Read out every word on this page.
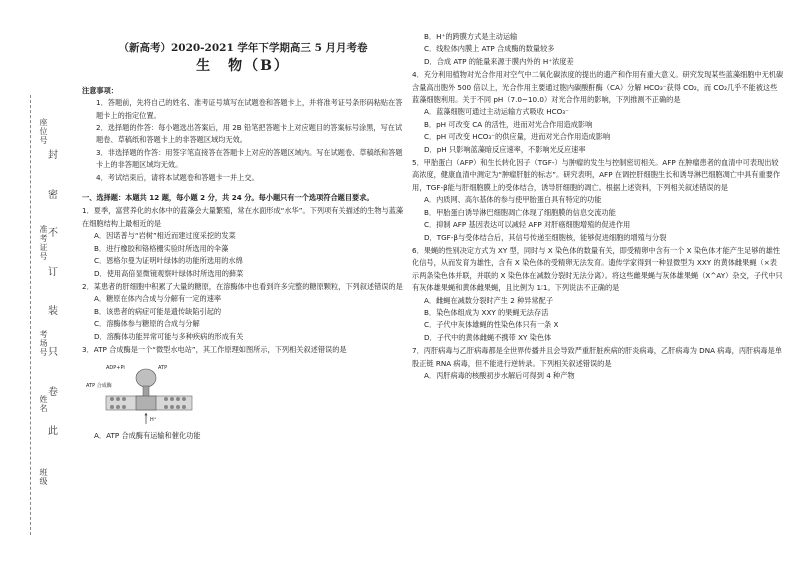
座位号
准考证号
考场号
姓名
班级
封
密
不
订
装
只
卷
此
（新高考）2020-2021 学年下学期高三 5 月月考卷
生　物（B）
注意事项：

1．答题前，先将自己的姓名、准考证号填写在试题卷和答题卡上，并将准考证号条形码粘贴在答题卡上的指定位置。

2．选择题的作答：每小题选出答案后，用 2B 铅笔把答题卡上对应题目的答案标号涂黑，写在试题卷、草稿纸和答题卡上的非答题区域均无效。

3．非选择题的作答：用签字笔直接答在答题卡上对应的答题区域内。写在试题卷、草稿纸和答题卡上的非答题区域均无效。

4．考试结束后，请将本试题卷和答题卡一并上交。

一、选择题：本题共 12 题，每小题 2 分，共 24 分。每小题只有一个选项符合题目要求。

1．夏季，富营养化的水体中的蓝藻会大量繁殖，常在水面形成“水华”。下列项有关描述的生物与蓝藻在细胞结构上最相近的是

A．因诺普与“岩树”相近而建过度采挖的发菜

B．进行橡胶和铬格栅实验时所选用的伞藻

C．恩格尔曼为证明叶绿体的功能所选用的水绵

D．使用高倍显微镜观察叶绿体时所选用的藓菜

2．某患者的肝细胞中积累了大量的糖原，在溶酶体中也看到许多完整的糖原颗粒，下列叙述错误的是

A．糖原在体内合成与分解有一定的速率

B．该患者的病症可能是遗传缺陷引起的

C．溶酶体参与糖原的合成与分解

D．溶酶体功能异常可能与多种疾病的形成有关

3．ATP 合成酶是一个“微型水电站”，其工作原理如图所示，下列相关叙述错误的是

ADP+Pi	ATP
H⁺
ATP 合成酶

A．ATP 合成酶有运输和催化功能

B．H⁺的跨膜方式是主动运输

C．线粒体内膜上 ATP 合成酶的数量较多

D．合成 ATP 的能量来源于膜内外的 H⁺浓度差

4．充分利用植物对光合作用对空气中二氧化碳浓度的提出的遗产和作用有重大意义。研究发现某些蓝藻细胞中无机碳含量高出胞外 500 倍以上，光合作用主要通过胞内碳酸酐酶（CA）分解 HCO₃⁻获得 CO₂，而 CO₂几乎不能被这些蓝藻细胞利用。关于不同 pH（7.0~10.0）对光合作用的影响，下列推测不正确的是

A．蓝藻细胞可通过主动运输方式吸收 HCO₃⁻

B．pH 可改变 CA 的活性，进而对光合作用造成影响

C．pH 可改变 HCO₃⁻的供应量，进而对光合作用造成影响

D．pH 只影响蓝藻暗反应速率，不影响光反应速率

5．甲胎蛋白（AFP）和生长转化因子（TGF-）与肿瘤的发生与控制密切相关。AFP 在肿瘤患者的血清中可表现出较高浓度，健康血清中测定为“肿瘤肝脏的标志”。研究表明，AFP 在调控肝细胞生长和诱导淋巴细胞凋亡中具有重要作用，TGF-β能与肝细胞膜上的受体结合，诱导肝细胞的凋亡。根据上述资料，下列相关叙述错误的是

A．内质网、高尔基体的参与使甲胎蛋白具有特定的功能

B．甲胎蛋白诱导淋巴细胞凋亡体现了细胞膜的信息交流功能

C．抑制 AFP 基因表达可以减轻 AFP 对肝癌细胞增殖的促进作用

D．TGF-β与受体结合后，其信号传递至细胞核，能够促进细胞的增殖与分裂

6．果蝇的性别决定方式为 XY 型，同时与 X 染色体的数量有关，即受精卵中含有一个 X 染色体才能产生足够的雄性化信号，从而发育为雄性，含有 X 染色体的受精卵无法发育。遗传学家得到一种显微型为 XXY 的黄体雌果蝇（×表示两条染色体并联，并联的 X 染色体在减数分裂时无法分离）。将这些雌果蝇与灰体雄果蝇（X^AY）杂交，子代中只有灰体雄果蝇和黄体雌果蝇，且比例为 1∶1。下列说法不正确的是

A．雌蝇在减数分裂时产生 2 种异常配子

B．染色体组成为 XXY 的果蝇无法存活

C．子代中灰体雄蝇的性染色体只有一条 X

D．子代中的黄体雌蝇不携带 XY 染色体

7．丙肝病毒与乙肝病毒都是全世界传播并且会导致严重肝脏疾病的肝炎病毒，乙肝病毒为 DNA 病毒，丙肝病毒是单股正链 RNA 病毒，但不能进行逆转录。下列相关叙述错误的是

A．丙肝病毒的核酸初步水解后可得到 4 种产物
